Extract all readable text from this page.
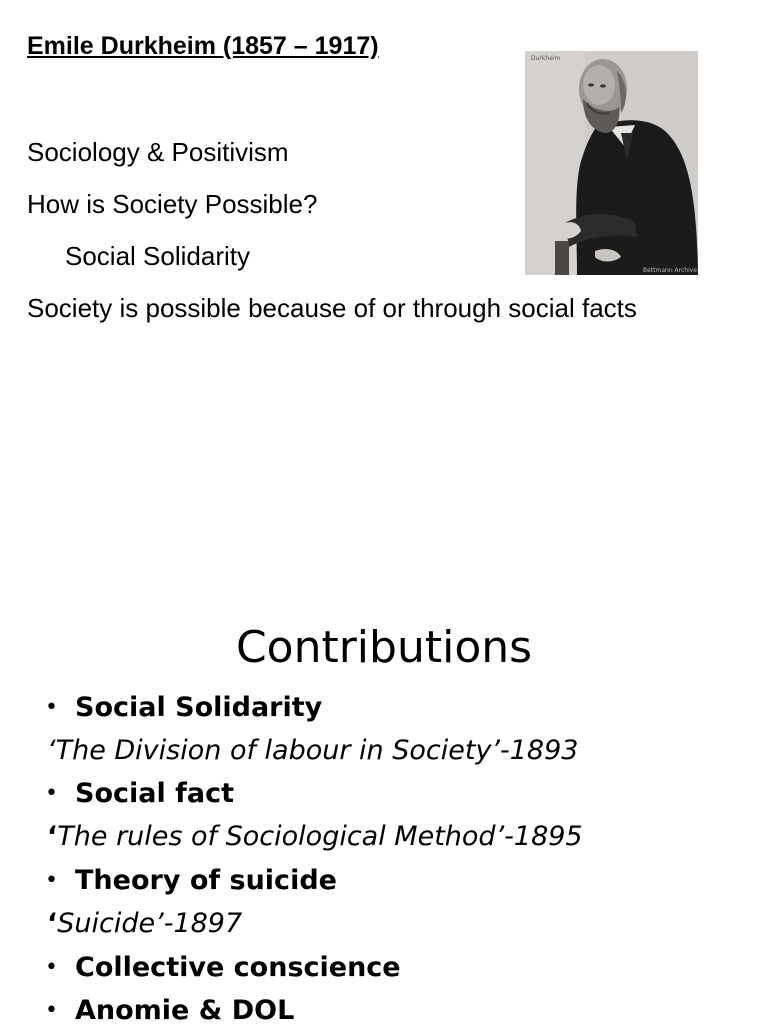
Emile Durkheim (1857 – 1917)
Sociology & Positivism
How is Society Possible?
Social Solidarity
Society is possible because of or through social facts
Durkheim
Bettmann Archive
Contributions
• Social Solidarity
‘The Division of labour in Society’-1893
• Social fact
‘The rules of Sociological Method’-1895
• Theory of suicide
‘Suicide’-1897
• Collective conscience
• Anomie & DOL
